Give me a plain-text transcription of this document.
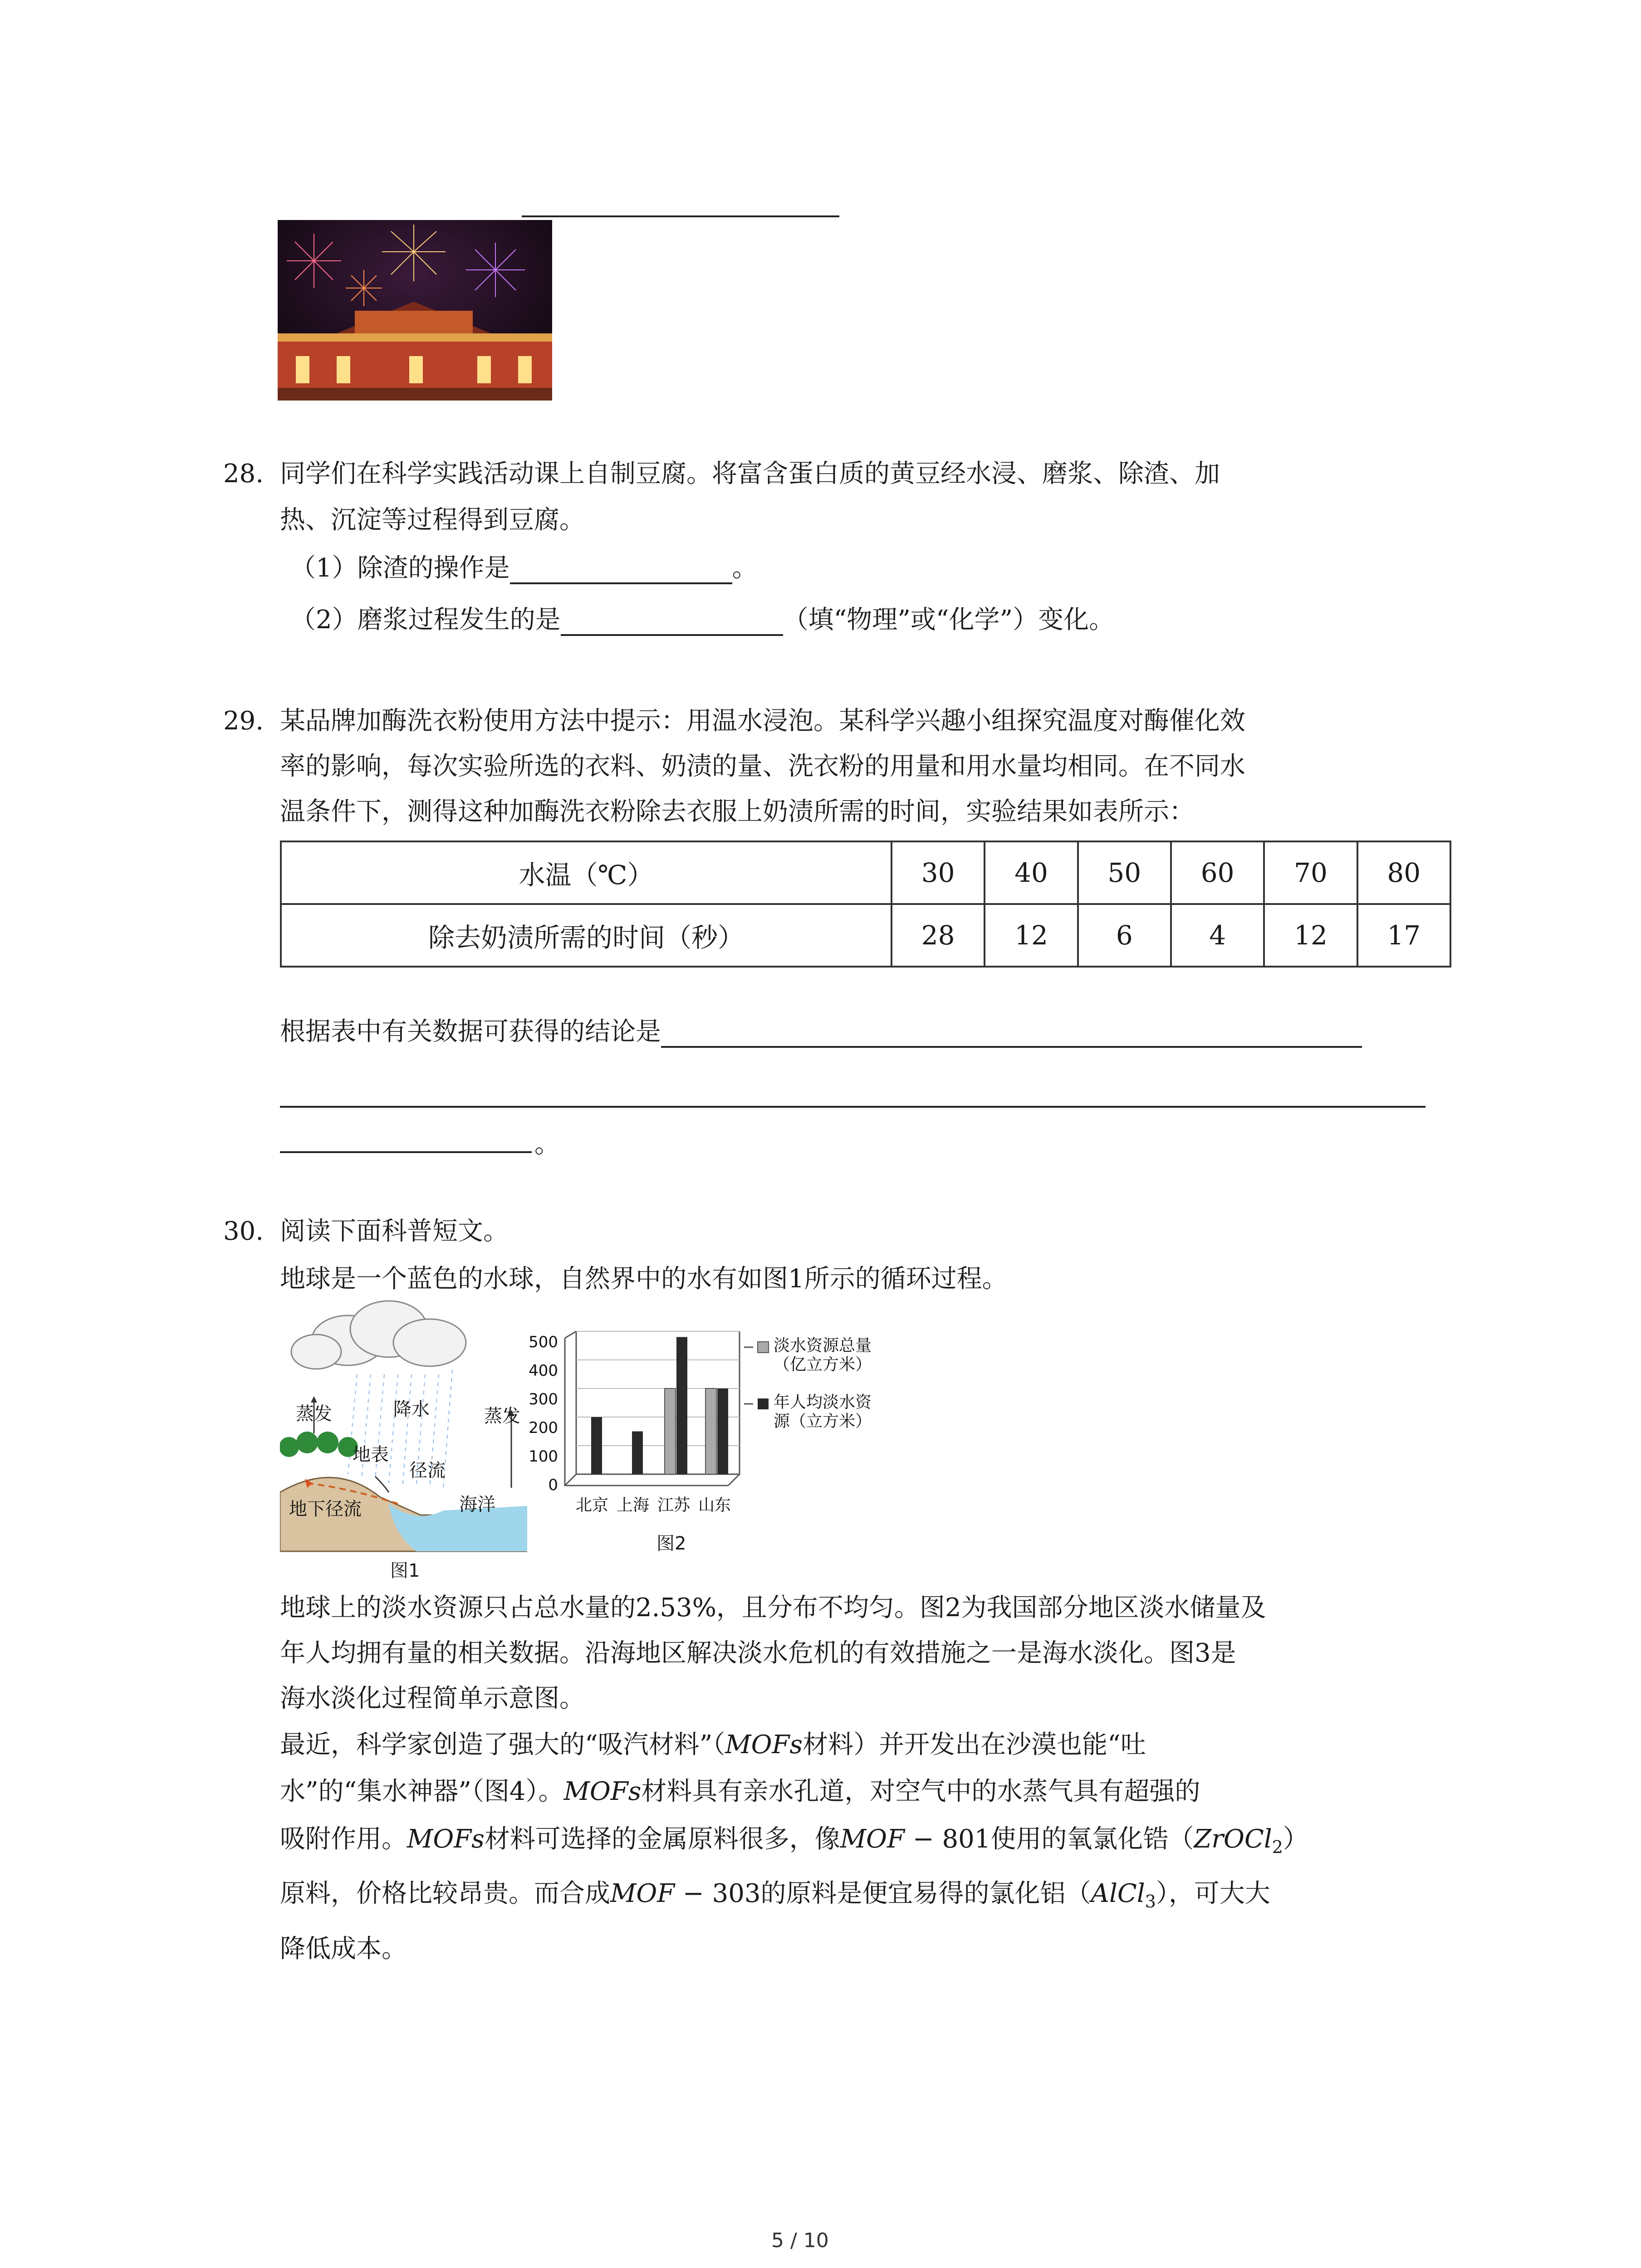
28. 同学们在科学实践活动课上自制豆腐。将富含蛋白质的黄豆经水浸、磨浆、除渣、加
热、沉淀等过程得到豆腐。
（1）除渣的操作是	。
（2）磨浆过程发生的是	（填“物理”或“化学”）变化。
29. 某品牌加酶洗衣粉使用方法中提示：用温水浸泡。某科学兴趣小组探究温度对酶催化效
率的影响，每次实验所选的衣料、奶渍的量、洗衣粉的用量和用水量均相同。在不同水
温条件下，测得这种加酶洗衣粉除去衣服上奶渍所需的时间，实验结果如表所示：
水温（℃）	30	40	50	60	70	80
除去奶渍所需的时间（秒）	28	12	6	4	12	17
根据表中有关数据可获得的结论是
。
30. 阅读下面科普短文。
地球是一个蓝色的水球，自然界中的水有如图1所示的循环过程。
蒸发	降水	蒸发
地表
径流
地下径流	海洋
图1
500
400
300
200
100
0
北京 上海 江苏 山东
淡水资源总量
（亿立方米）
年人均淡水资
源（立方米）
图2
地球上的淡水资源只占总水量的2.53%，且分布不均匀。图2为我国部分地区淡水储量及
年人均拥有量的相关数据。沿海地区解决淡水危机的有效措施之一是海水淡化。图3是
海水淡化过程简单示意图。
最近，科学家创造了强大的“吸汽材料”（MOFs材料）并开发出在沙漠也能“吐
水”的“集水神器”（图4）。MOFs材料具有亲水孔道，对空气中的水蒸气具有超强的
吸附作用。MOFs材料可选择的金属原料很多，像MOF − 801使用的氧氯化锆（ZrOCl$_2$）
原料，价格比较昂贵。而合成MOF − 303的原料是便宜易得的氯化铝（AlCl$_3$），可大大
降低成本。
5 / 10
